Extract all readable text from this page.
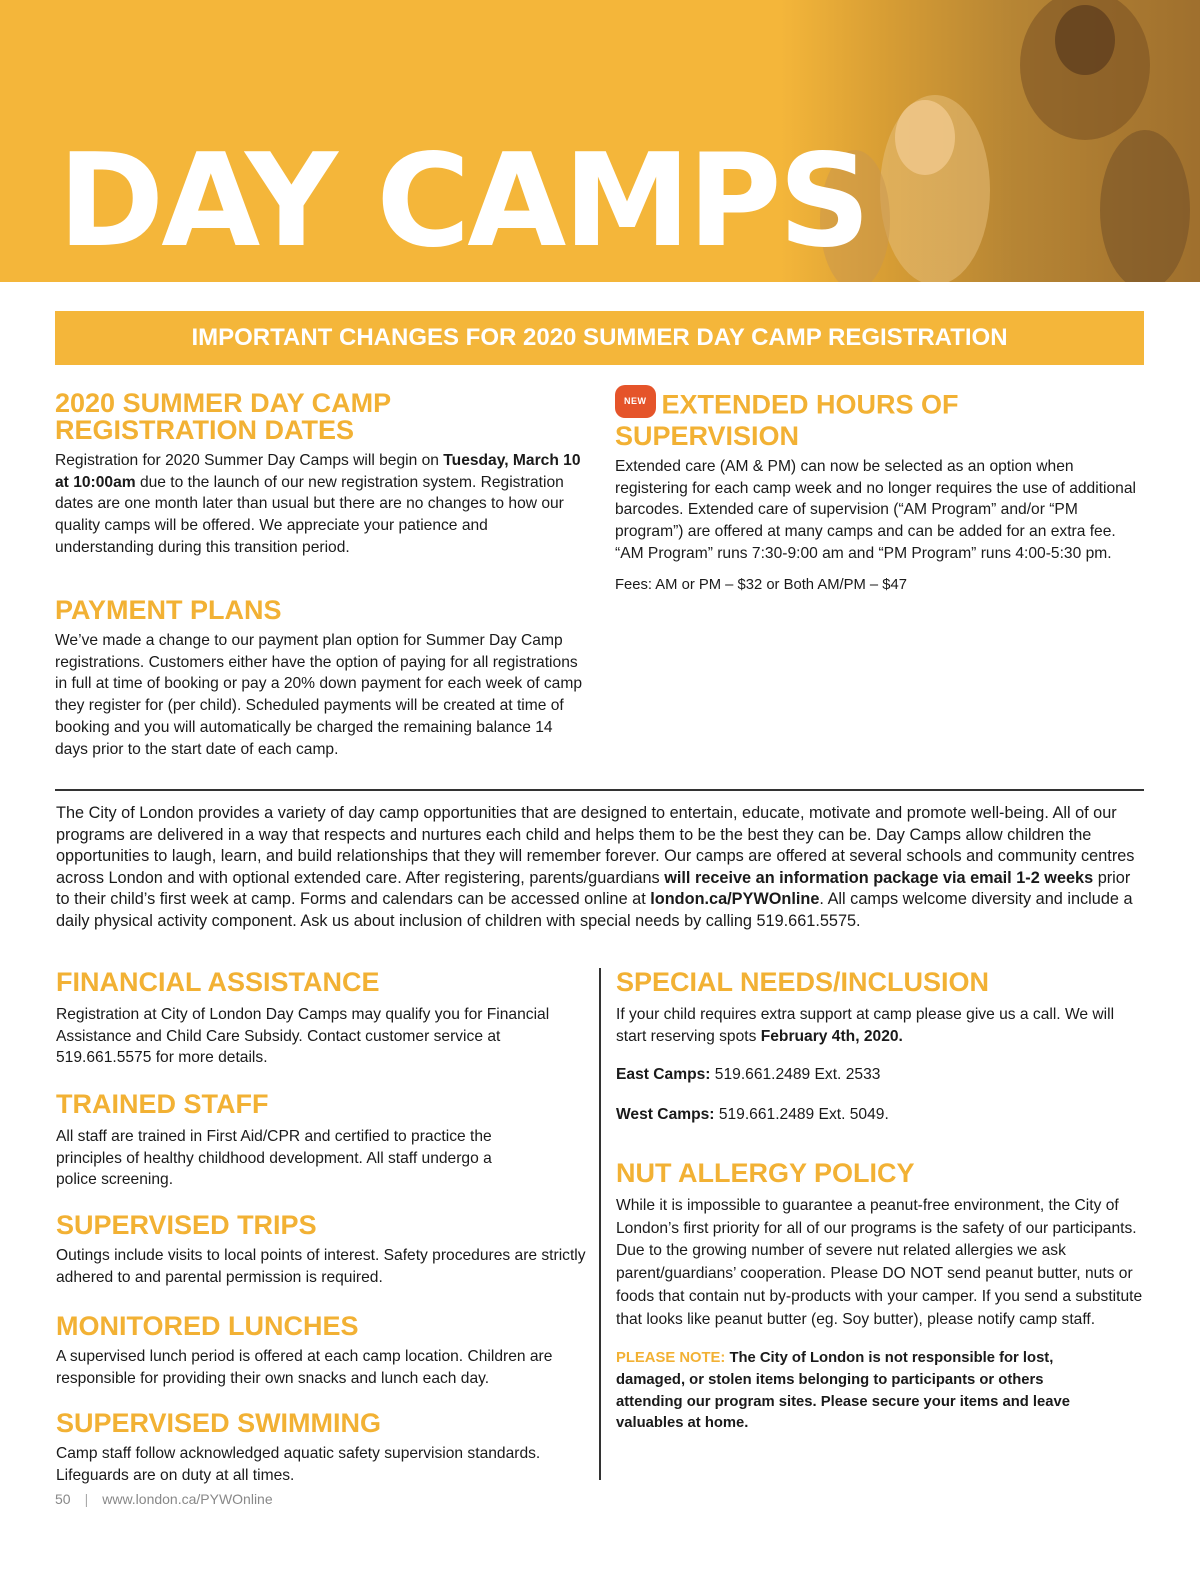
DAY CAMPS
IMPORTANT CHANGES FOR 2020 SUMMER DAY CAMP REGISTRATION
2020 SUMMER DAY CAMP
REGISTRATION DATES
Registration for 2020 Summer Day Camps will begin on Tuesday, March 10 at 10:00am due to the launch of our new registration system. Registration dates are one month later than usual but there are no changes to how our quality camps will be offered. We appreciate your patience and understanding during this transition period.
PAYMENT PLANS
We’ve made a change to our payment plan option for Summer Day Camp registrations. Customers either have the option of paying for all registrations in full at time of booking or pay a 20% down payment for each week of camp they register for (per child). Scheduled payments will be created at time of booking and you will automatically be charged the remaining balance 14 days prior to the start date of each camp.
NEW EXTENDED HOURS OF
SUPERVISION
Extended care (AM & PM) can now be selected as an option when registering for each camp week and no longer requires the use of additional barcodes. Extended care of supervision (“AM Program” and/or “PM program”) are offered at many camps and can be added for an extra fee. “AM Program” runs 7:30-9:00 am and “PM Program” runs 4:00-5:30 pm.
Fees: AM or PM – $32 or Both AM/PM – $47
The City of London provides a variety of day camp opportunities that are designed to entertain, educate, motivate and promote well-being. All of our programs are delivered in a way that respects and nurtures each child and helps them to be the best they can be. Day Camps allow children the opportunities to laugh, learn, and build relationships that they will remember forever. Our camps are offered at several schools and community centres across London and with optional extended care. After registering, parents/guardians will receive an information package via email 1-2 weeks prior to their child’s first week at camp. Forms and calendars can be accessed online at london.ca/PYWOnline. All camps welcome diversity and include a daily physical activity component. Ask us about inclusion of children with special needs by calling 519.661.5575.
FINANCIAL ASSISTANCE
Registration at City of London Day Camps may qualify you for Financial Assistance and Child Care Subsidy. Contact customer service at 519.661.5575 for more details.
TRAINED STAFF
All staff are trained in First Aid/CPR and certified to practice the principles of healthy childhood development. All staff undergo a police screening.
SUPERVISED TRIPS
Outings include visits to local points of interest. Safety procedures are strictly adhered to and parental permission is required.
MONITORED LUNCHES
A supervised lunch period is offered at each camp location. Children are responsible for providing their own snacks and lunch each day.
SUPERVISED SWIMMING
Camp staff follow acknowledged aquatic safety supervision standards. Lifeguards are on duty at all times.
SPECIAL NEEDS/INCLUSION
If your child requires extra support at camp please give us a call. We will start reserving spots February 4th, 2020.
East Camps: 519.661.2489 Ext. 2533
West Camps: 519.661.2489 Ext. 5049.
NUT ALLERGY POLICY
While it is impossible to guarantee a peanut-free environment, the City of London’s first priority for all of our programs is the safety of our participants. Due to the growing number of severe nut related allergies we ask parent/guardians’ cooperation. Please DO NOT send peanut butter, nuts or foods that contain nut by-products with your camper. If you send a substitute that looks like peanut butter (eg. Soy butter), please notify camp staff.
PLEASE NOTE: The City of London is not responsible for lost, damaged, or stolen items belonging to participants or others attending our program sites. Please secure your items and leave valuables at home.
50 | www.london.ca/PYWOnline
